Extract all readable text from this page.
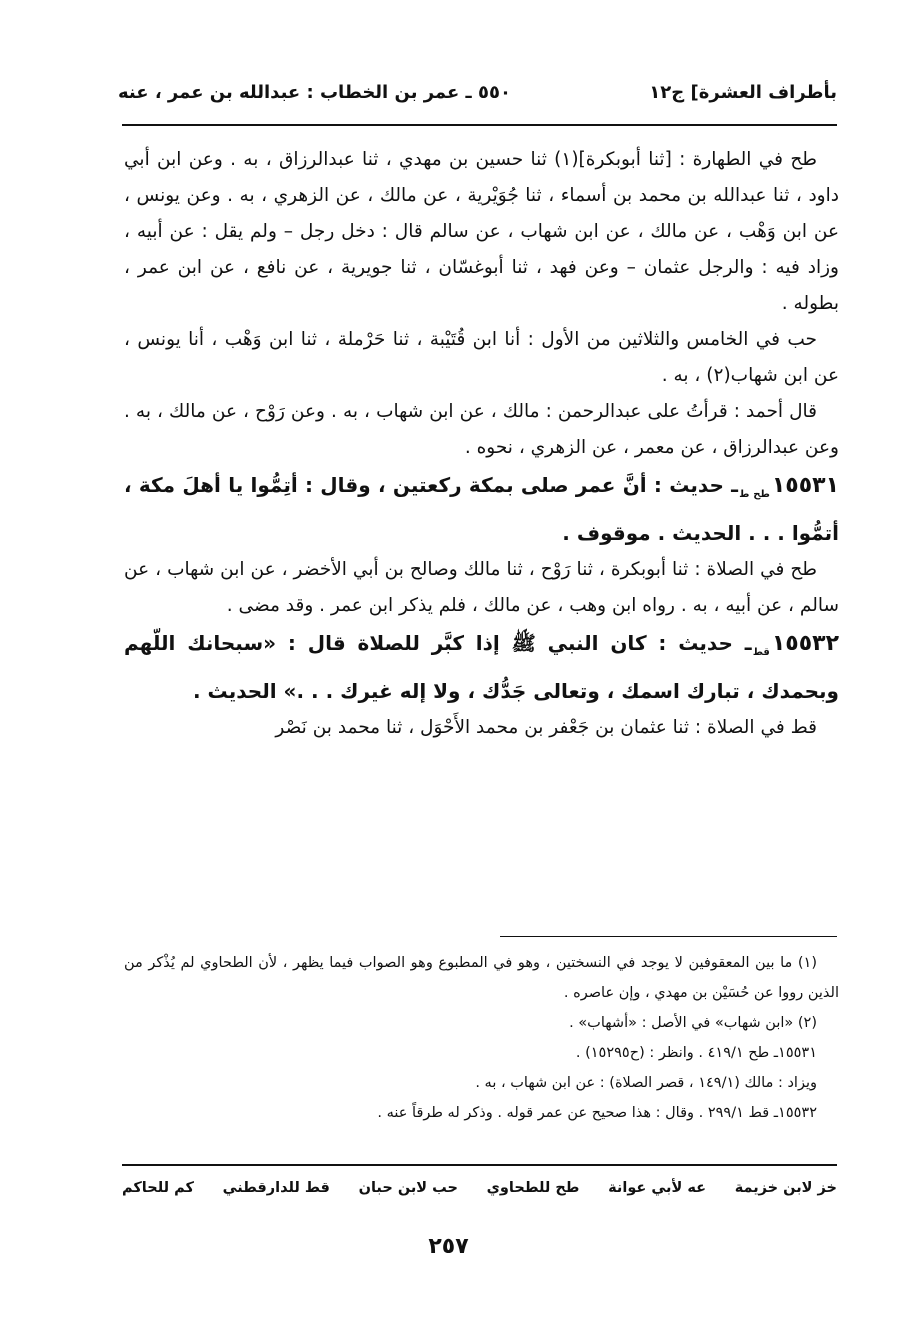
بأطراف العشرة] ج١٢
٥٥٠ ـ عمر بن الخطاب : عبدالله بن عمر ، عنه

طح في الطهارة : [ثنا أبوبكرة](١) ثنا حسين بن مهدي ، ثنا عبدالرزاق ، به . وعن ابن أبي داود ، ثنا عبدالله بن محمد بن أسماء ، ثنا جُوَيْرية ، عن مالك ، عن الزهري ، به . وعن يونس ، عن ابن وَهْب ، عن مالك ، عن ابن شهاب ، عن سالم قال : دخل رجل – ولم يقل : عن أبيه ، وزاد فيه : والرجل عثمان – وعن فهد ، ثنا أبوغسّان ، ثنا جويرية ، عن نافع ، عن ابن عمر ، بطوله .

حب في الخامس والثلاثين من الأول : أنا ابن قُتَيْبة ، ثنا حَرْملة ، ثنا ابن وَهْب ، أنا يونس ، عن ابن شهاب(٢) ، به .

قال أحمد : قرأتُ على عبدالرحمن : مالك ، عن ابن شهاب ، به . وعن رَوْح ، عن مالك ، به . وعن عبدالرزاق ، عن معمر ، عن الزهري ، نحوه .

$١٥٥٣١_{طح ط}ـ$ حديث : أنَّ عمر صلى بمكة ركعتين ، وقال : أتِمُّوا يا أهلَ مكة ، أتمُّوا . . . الحديث . موقوف .

طح في الصلاة : ثنا أبوبكرة ، ثنا رَوْح ، ثنا مالك وصالح بن أبي الأخضر ، عن ابن شهاب ، عن سالم ، عن أبيه ، به . رواه ابن وهب ، عن مالك ، فلم يذكر ابن عمر . وقد مضى .

$١٥٥٣٢_{قط}ـ$ حديث : كان النبي ﷺ إذا كبَّر للصلاة قال : «سبحانك اللّهم وبحمدك ، تبارك اسمك ، وتعالى جَدُّك ، ولا إله غيرك . . .» الحديث .

قط في الصلاة : ثنا عثمان بن جَعْفر بن محمد الأَحْوَل ، ثنا محمد بن نَصْر

(١) ما بين المعقوفين لا يوجد في النسختين ، وهو في المطبوع وهو الصواب فيما يظهر ، لأن الطحاوي لم يُذْكر من الذين رووا عن حُسَيْن بن مهدي ، وإن عاصره .

(٢) «ابن شهاب» في الأصل : «أشهاب» .

١٥٥٣١ـ طح ٤١٩/١ . وانظر : (ح١٥٢٩٥) .

ويزاد : مالك (١٤٩/١ ، قصر الصلاة) : عن ابن شهاب ، به .

١٥٥٣٢ـ قط ٢٩٩/١ . وقال : هذا صحيح عن عمر قوله . وذكر له طرقاً عنه .

خز لابن خزيمة
عه لأبي عوانة
طح للطحاوي
حب لابن حبان
قط للدارقطني
كم للحاكم
٢٥٧
